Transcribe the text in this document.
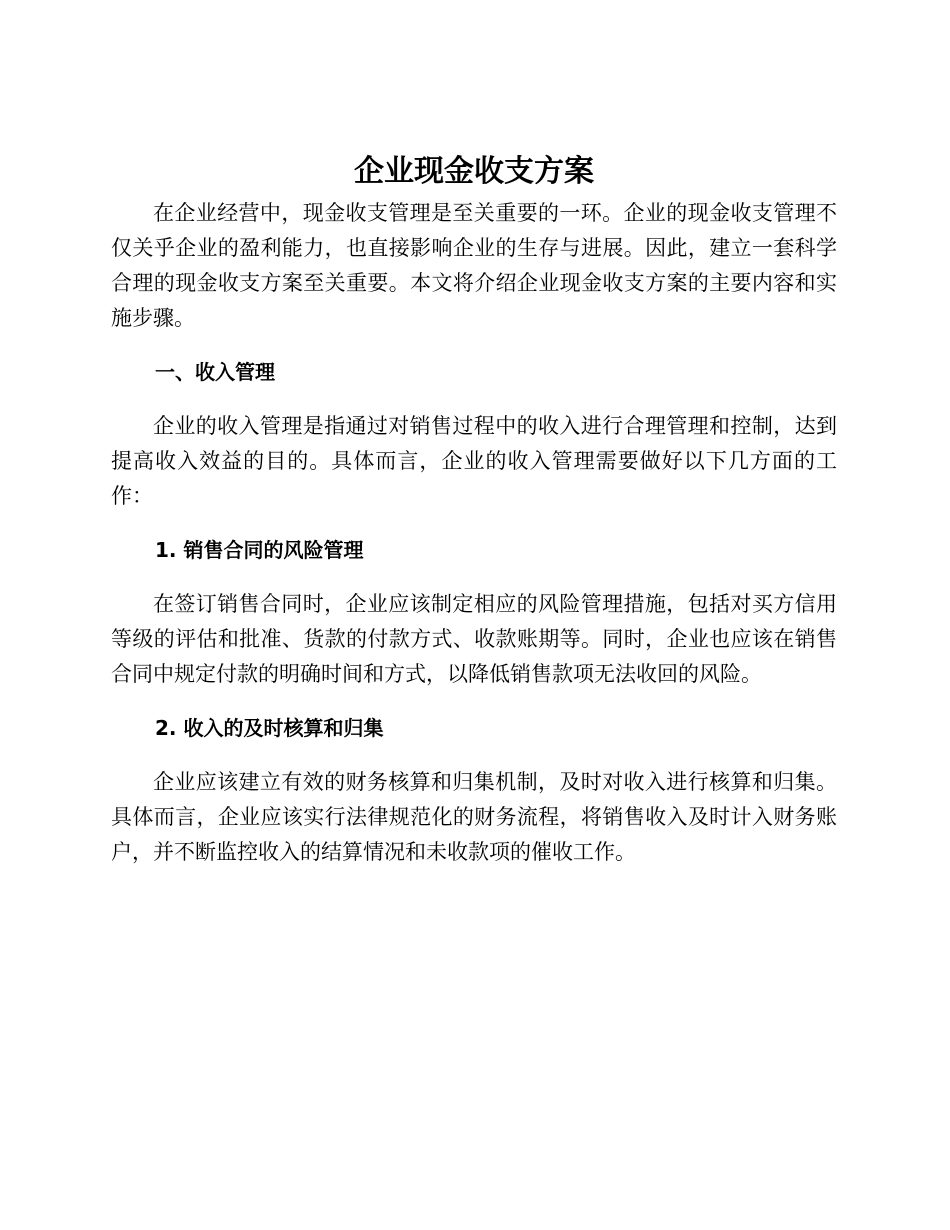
企业现金收支方案

在企业经营中，现金收支管理是至关重要的一环。企业的现金收支管理不仅关乎企业的盈利能力，也直接影响企业的生存与进展。因此，建立一套科学合理的现金收支方案至关重要。本文将介绍企业现金收支方案的主要内容和实施步骤。

一、收入管理

企业的收入管理是指通过对销售过程中的收入进行合理管理和控制，达到提高收入效益的目的。具体而言，企业的收入管理需要做好以下几方面的工作：

1. 销售合同的风险管理

在签订销售合同时，企业应该制定相应的风险管理措施，包括对买方信用等级的评估和批准、货款的付款方式、收款账期等。同时，企业也应该在销售合同中规定付款的明确时间和方式，以降低销售款项无法收回的风险。

2. 收入的及时核算和归集

企业应该建立有效的财务核算和归集机制，及时对收入进行核算和归集。具体而言，企业应该实行法律规范化的财务流程，将销售收入及时计入财务账户，并不断监控收入的结算情况和未收款项的催收工作。
